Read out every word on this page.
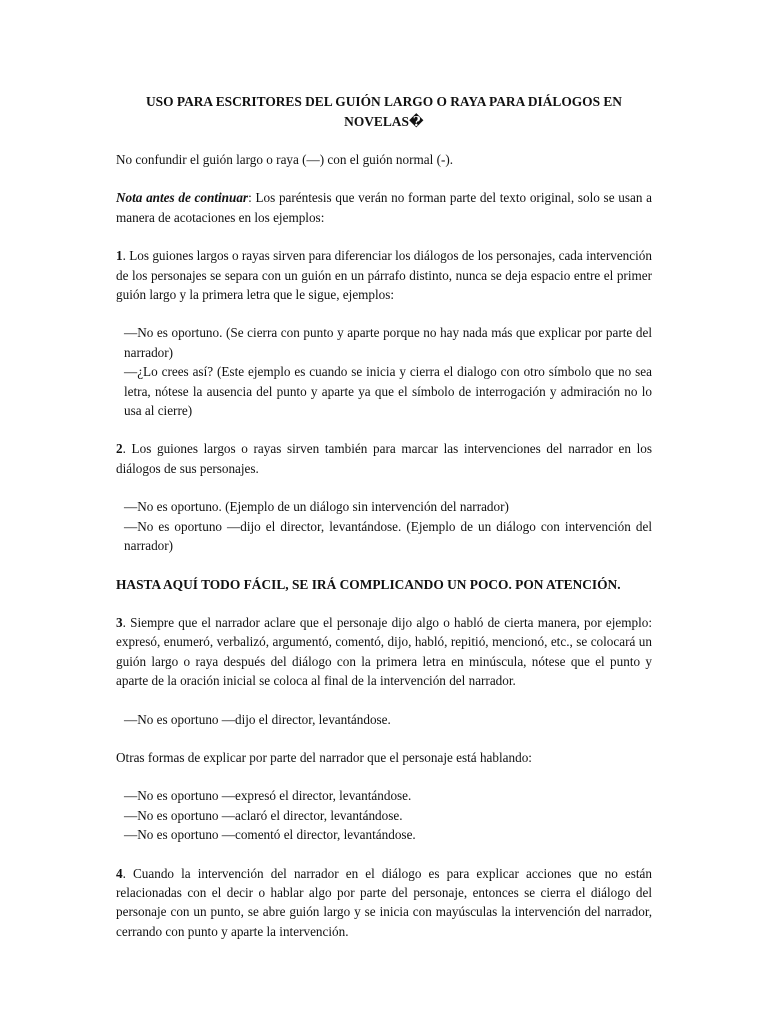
USO PARA ESCRITORES DEL GUIÓN LARGO O RAYA PARA DIÁLOGOS EN
NOVELAS�

No confundir el guión largo o raya (—) con el guión normal (-).

Nota antes de continuar: Los paréntesis que verán no forman parte del texto original, solo se usan a manera de acotaciones en los ejemplos:

1. Los guiones largos o rayas sirven para diferenciar los diálogos de los personajes, cada intervención de los personajes se separa con un guión en un párrafo distinto, nunca se deja espacio entre el primer guión largo y la primera letra que le sigue, ejemplos:

—No es oportuno. (Se cierra con punto y aparte porque no hay nada más que explicar por parte del narrador)

—¿Lo crees así? (Este ejemplo es cuando se inicia y cierra el dialogo con otro símbolo que no sea letra, nótese la ausencia del punto y aparte ya que el símbolo de interrogación y admiración no lo usa al cierre)

2. Los guiones largos o rayas sirven también para marcar las intervenciones del narrador en los diálogos de sus personajes.

—No es oportuno. (Ejemplo de un diálogo sin intervención del narrador)

—No es oportuno —dijo el director, levantándose. (Ejemplo de un diálogo con intervención del narrador)

HASTA AQUÍ TODO FÁCIL, SE IRÁ COMPLICANDO UN POCO. PON ATENCIÓN.

3. Siempre que el narrador aclare que el personaje dijo algo o habló de cierta manera, por ejemplo: expresó, enumeró, verbalizó, argumentó, comentó, dijo, habló, repitió, mencionó, etc., se colocará un guión largo o raya después del diálogo con la primera letra en minúscula, nótese que el punto y aparte de la oración inicial se coloca al final de la intervención del narrador.

—No es oportuno —dijo el director, levantándose.

Otras formas de explicar por parte del narrador que el personaje está hablando:

—No es oportuno —expresó el director, levantándose.

—No es oportuno —aclaró el director, levantándose.

—No es oportuno —comentó el director, levantándose.

4. Cuando la intervención del narrador en el diálogo es para explicar acciones que no están relacionadas con el decir o hablar algo por parte del personaje, entonces se cierra el diálogo del personaje con un punto, se abre guión largo y se inicia con mayúsculas la intervención del narrador, cerrando con punto y aparte la intervención.
